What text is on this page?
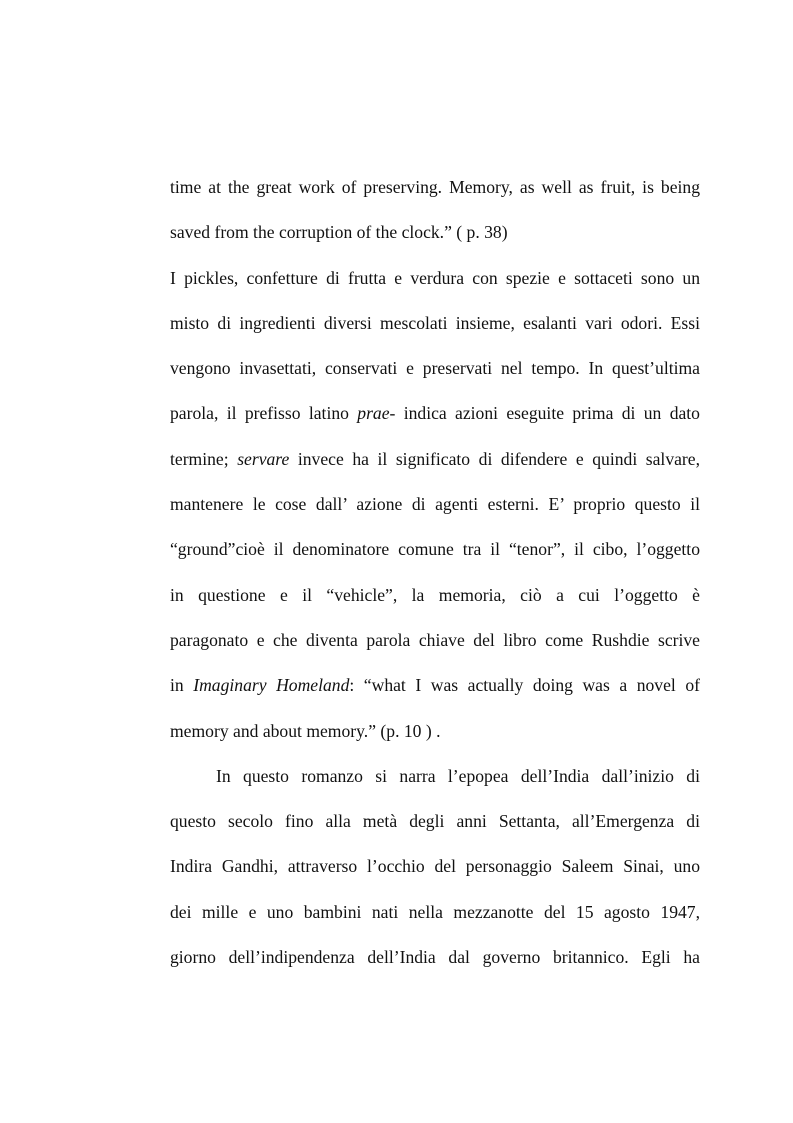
time at the great work of preserving. Memory, as well as fruit, is being
saved from the corruption of the clock.” ( p. 38)
I pickles, confetture di frutta e verdura con spezie e sottaceti sono un
misto di ingredienti diversi mescolati insieme, esalanti vari odori. Essi
vengono invasettati, conservati e preservati nel tempo. In quest’ultima
parola, il prefisso latino prae- indica azioni eseguite prima di un dato
termine; servare invece ha il significato di difendere e quindi salvare,
mantenere le cose dall’ azione di agenti esterni. E’ proprio questo il
“ground”cioè il denominatore comune tra il “tenor”, il cibo, l’oggetto
in questione e il “vehicle”, la memoria, ciò a cui l’oggetto è
paragonato e che diventa parola chiave del libro come Rushdie scrive
in Imaginary Homeland: “what I was actually doing was a novel of
memory and about memory.” (p. 10 ) .
In questo romanzo si narra l’epopea dell’India dall’inizio di
questo secolo fino alla metà degli anni Settanta, all’Emergenza di
Indira Gandhi, attraverso l’occhio del personaggio Saleem Sinai, uno
dei mille e uno bambini nati nella mezzanotte del 15 agosto 1947,
giorno dell’indipendenza dell’India dal governo britannico. Egli ha
